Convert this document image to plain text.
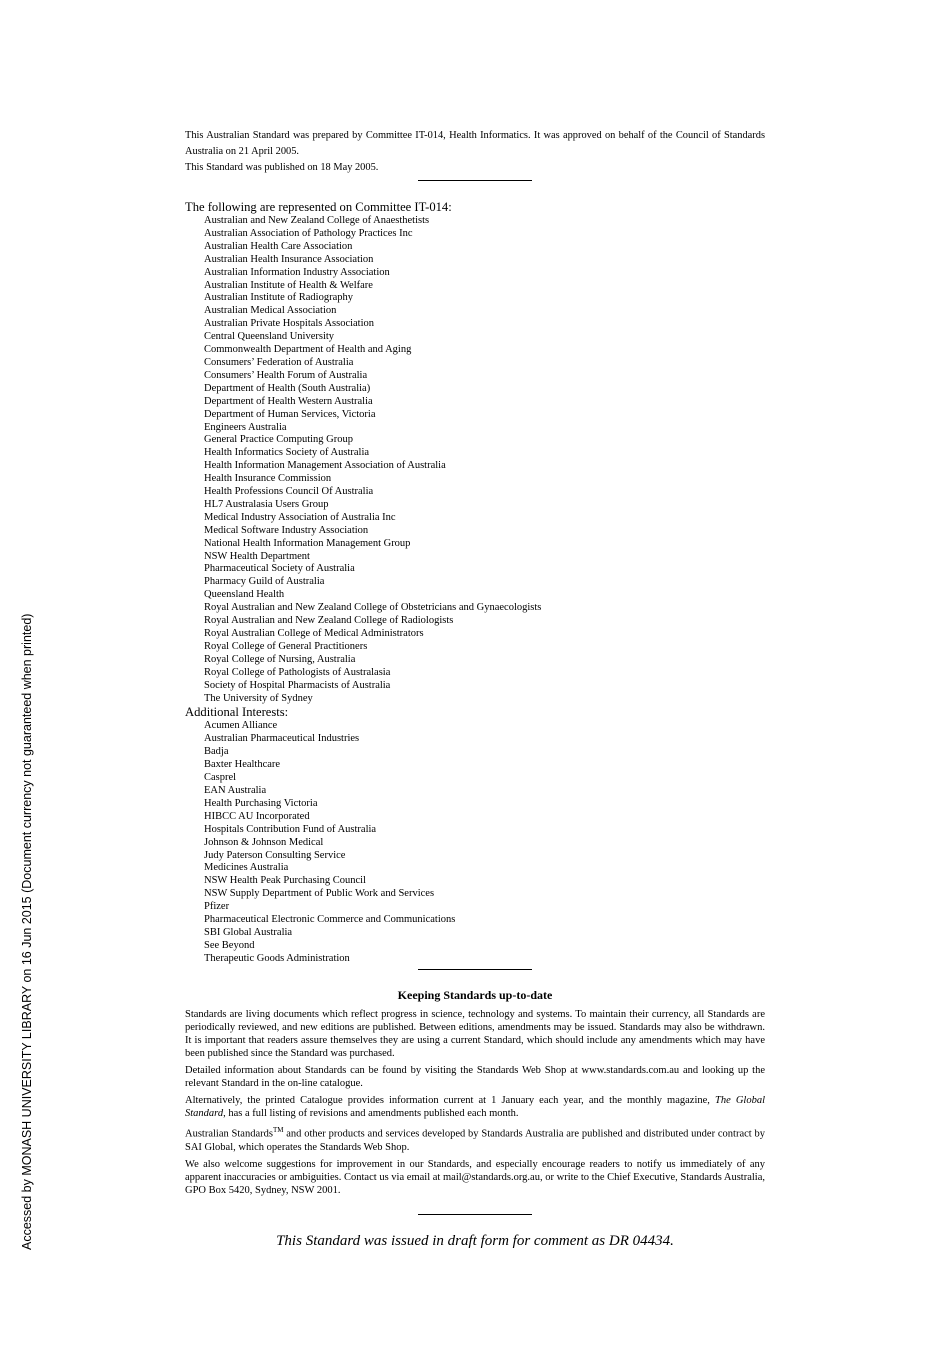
Accessed by MONASH UNIVERSITY LIBRARY on 16 Jun 2015 (Document currency not guaranteed when printed)

This Australian Standard was prepared by Committee IT-014, Health Informatics. It was approved on behalf of the Council of Standards Australia on 21 April 2005.

This Standard was published on 18 May 2005.

The following are represented on Committee IT-014:

Australian and New Zealand College of Anaesthetists
Australian Association of Pathology Practices Inc
Australian Health Care Association
Australian Health Insurance Association
Australian Information Industry Association
Australian Institute of Health & Welfare
Australian Institute of Radiography
Australian Medical Association
Australian Private Hospitals Association
Central Queensland University
Commonwealth Department of Health and Aging
Consumers’ Federation of Australia
Consumers’ Health Forum of Australia
Department of Health (South Australia)
Department of Health Western Australia
Department of Human Services, Victoria
Engineers Australia
General Practice Computing Group
Health Informatics Society of Australia
Health Information Management Association of Australia
Health Insurance Commission
Health Professions Council Of Australia
HL7 Australasia Users Group
Medical Industry Association of Australia Inc
Medical Software Industry Association
National Health Information Management Group
NSW Health Department
Pharmaceutical Society of Australia
Pharmacy Guild of Australia
Queensland Health
Royal Australian and New Zealand College of Obstetricians and Gynaecologists
Royal Australian and New Zealand College of Radiologists
Royal Australian College of Medical Administrators
Royal College of General Practitioners
Royal College of Nursing, Australia
Royal College of Pathologists of Australasia
Society of Hospital Pharmacists of Australia
The University of Sydney

Additional Interests:

Acumen Alliance
Australian Pharmaceutical Industries
Badja
Baxter Healthcare
Casprel
EAN Australia
Health Purchasing Victoria
HIBCC AU Incorporated
Hospitals Contribution Fund of Australia
Johnson & Johnson Medical
Judy Paterson Consulting Service
Medicines Australia
NSW Health Peak Purchasing Council
NSW Supply Department of Public Work and Services
Pfizer
Pharmaceutical Electronic Commerce and Communications
SBI Global Australia
See Beyond
Therapeutic Goods Administration
Keeping Standards up-to-date

Standards are living documents which reflect progress in science, technology and systems. To maintain their currency, all Standards are periodically reviewed, and new editions are published. Between editions, amendments may be issued. Standards may also be withdrawn. It is important that readers assure themselves they are using a current Standard, which should include any amendments which may have been published since the Standard was purchased.

Detailed information about Standards can be found by visiting the Standards Web Shop at www.standards.com.au and looking up the relevant Standard in the on-line catalogue.

Alternatively, the printed Catalogue provides information current at 1 January each year, and the monthly magazine, The Global Standard, has a full listing of revisions and amendments published each month.

Australian Standards™ and other products and services developed by Standards Australia are published and distributed under contract by SAI Global, which operates the Standards Web Shop.

We also welcome suggestions for improvement in our Standards, and especially encourage readers to notify us immediately of any apparent inaccuracies or ambiguities. Contact us via email at mail@standards.org.au, or write to the Chief Executive, Standards Australia, GPO Box 5420, Sydney, NSW 2001.

This Standard was issued in draft form for comment as DR 04434.
